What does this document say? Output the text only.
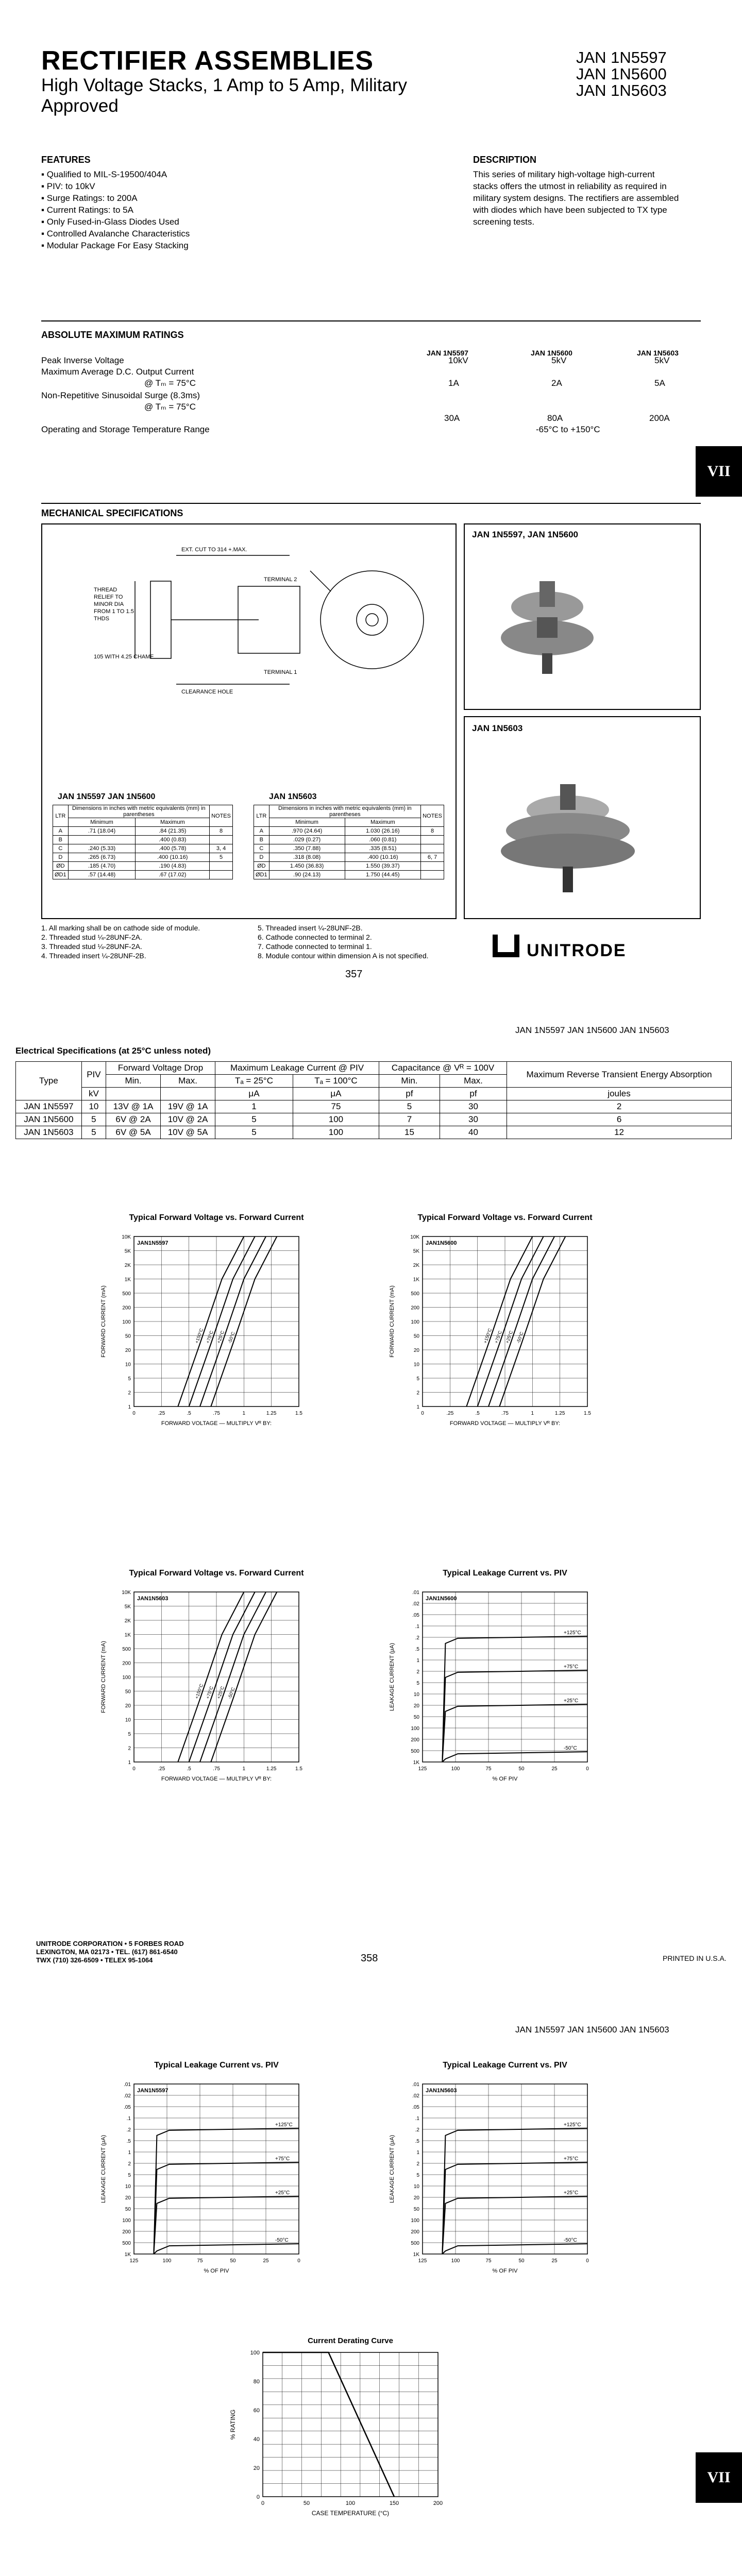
RECTIFIER ASSEMBLIES
High Voltage Stacks, 1 Amp to 5 Amp, Military Approved
JAN 1N5597
JAN 1N5600
JAN 1N5603
FEATURES
▪ Qualified to MIL-S-19500/404A
▪ PIV: to 10kV
▪ Surge Ratings: to 200A
▪ Current Ratings: to 5A
▪ Only Fused-in-Glass Diodes Used
▪ Controlled Avalanche Characteristics
▪ Modular Package For Easy Stacking
DESCRIPTION
This series of military high-voltage high-current stacks offers the utmost in reliability as required in military system designs. The rectifiers are assembled with diodes which have been subjected to TX type screening tests.
ABSOLUTE MAXIMUM RATINGS
JAN 1N5597	JAN 1N5600	JAN 1N5603
Peak Inverse Voltage	10kV	5kV	5kV
Maximum Average D.C. Output Current
@ Tₘ = 75°C	1A	2A	5A
Non-Repetitive Sinusoidal Surge (8.3ms)
@ Tₘ = 75°C
30A	80A	200A
Operating and Storage Temperature Range	-65°C to +150°C
VII
MECHANICAL SPECIFICATIONS
THREAD
RELIEF TO
MINOR DIA
FROM 1 TO 1.5
THDS
TERMINAL 2
TERMINAL 1
105 WITH 4.25 CHAMF
CLEARANCE HOLE
EXT. CUT TO 314 +.MAX.
JAN 1N5597 JAN 1N5600
LTR	Dimensions in inches with metric equivalents (mm) in parentheses		NOTES
	Minimum	Maximum	
A	.71 (18.04)	.84 (21.35)	8
B		.400 (0.83)	
C	.240 (5.33)	.400 (5.78)	3, 4
D	.265 (6.73)	.400 (10.16)	5
ØD	.185 (4.70)	.190 (4.83)	
ØD1	.57 (14.48)	.67 (17.02)	
JAN 1N5603
LTR	Dimensions in inches with metric equivalents (mm) in parentheses		NOTES
	Minimum	Maximum	
A	.970 (24.64)	1.030 (26.16)	8
B	.029 (0.27)	.060 (0.81)	
C	.350 (7.88)	.335 (8.51)	
D	.318 (8.08)	.400 (10.16)	6, 7
ØD	1.450 (36.83)	1.550 (39.37)	
ØD1	.90 (24.13)	1.750 (44.45)	
JAN 1N5597, JAN 1N5600
JAN 1N5603
1. All marking shall be on cathode side of module.
2. Threaded stud ¼-28UNF-2A.
3. Threaded stud ¼-28UNF-2A.
4. Threaded insert ¼-28UNF-2B.
5. Threaded insert ¼-28UNF-2B.
6. Cathode connected to terminal 2.
7. Cathode connected to terminal 1.
8. Module contour within dimension A is not specified.
357
UNITRODE
JAN 1N5597 JAN 1N5600 JAN 1N5603
Electrical Specifications (at 25°C unless noted)
Type	PIV	Forward Voltage Drop		Maximum Leakage Current @ PIV		Capacitance @ Vᴿ = 100V		Maximum Reverse Transient Energy Absorption
		Min.	Max.	Tₐ = 25°C	Tₐ = 100°C	Min.	Max.	
	kV			μA	μA	pf	pf	joules
JAN 1N5597	10	13V @ 1A	19V @ 1A	1	75	5	30	2
JAN 1N5600	5	6V @ 2A	10V @ 2A	5	100	7	30	6
JAN 1N5603	5	6V @ 5A	10V @ 5A	5	100	15	40	12
Typical Forward Voltage vs. Forward Current
10K
5K
2K
1K
500
200
100
50
20
10
5
2
1
0	.25	.5	.75	1	1.25	1.5
FORWARD CURRENT (mA)
FORWARD VOLTAGE — MULTIPLY Vᴿ BY:
JAN1N5597
+150°C +75°C +25°C -50°C
Typical Forward Voltage vs. Forward Current
10K
5K
2K
1K
500
200
100
50
20
10
5
2
1
0	.25	.5	.75	1	1.25	1.5
FORWARD CURRENT (mA)
FORWARD VOLTAGE — MULTIPLY Vᴿ BY:
JAN1N5600
+150°C +75°C +25°C -50°C
Typical Forward Voltage vs. Forward Current
10K
5K
2K
1K
500
200
100
50
20
10
5
2
1
0	.25	.5	.75	1	1.25	1.5
FORWARD CURRENT (mA)
FORWARD VOLTAGE — MULTIPLY Vᴿ BY:
JAN1N5603
+150°C +75°C +25°C -50°C
Typical Leakage Current vs. PIV
.01
.02
.05
.1
.2
.5
1
2
5
10
20
50
100
200
500
1K
125	100	75	50	25	0
LEAKAGE CURRENT (μA)
% OF PIV
JAN1N5600
-50°C
+25°C
+75°C
+125°C
UNITRODE CORPORATION • 5 FORBES ROAD
LEXINGTON, MA 02173 • TEL. (617) 861-6540
TWX (710) 326-6509 • TELEX 95-1064	358	PRINTED IN U.S.A.
JAN 1N5597 JAN 1N5600 JAN 1N5603
Typical Leakage Current vs. PIV
.01
.02
.05
.1
.2
.5
1
2
5
10
20
50
100
200
500
1K
125	100	75	50	25	0
LEAKAGE CURRENT (μA)
% OF PIV
JAN1N5597
-50°C
+25°C
+75°C
+125°C
Typical Leakage Current vs. PIV
.01
.02
.05
.1
.2
.5
1
2
5
10
20
50
100
200
500
1K
125	100	75	50	25	0
LEAKAGE CURRENT (μA)
% OF PIV
JAN1N5603
-50°C
+25°C
+75°C
+125°C
Current Derating Curve
0
20
40
60
80
100
0	50	100	150	200
% RATING
CASE TEMPERATURE (°C)
VII
